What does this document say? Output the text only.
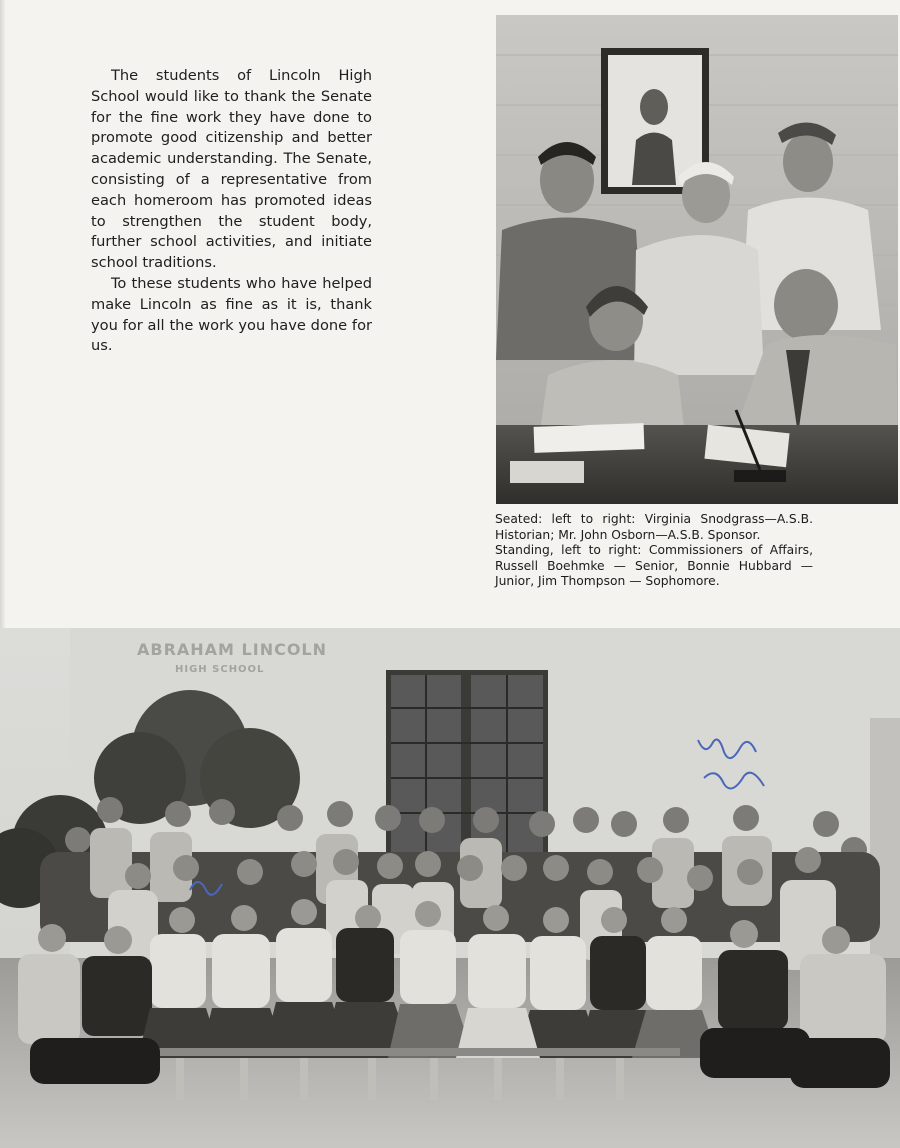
The students of Lincoln High School would like to thank the Senate for the fine work they have done to promote good citizenship and better academic understanding. The Senate, consisting of a representative from each homeroom has promoted ideas to strengthen the student body, further school activities, and initiate school traditions.

To these students who have helped make Lincoln as fine as it is, thank you for all the work you have done for us.

Seated: left to right: Virginia Snodgrass—A.S.B. Historian; Mr. John Osborn—A.S.B. Sponsor.

Standing, left to right: Commissioners of Affairs, Russell Boehmke — Senior, Bonnie Hubbard — Junior, Jim Thompson — Sophomore.

ABRAHAM LINCOLN
HIGH SCHOOL
